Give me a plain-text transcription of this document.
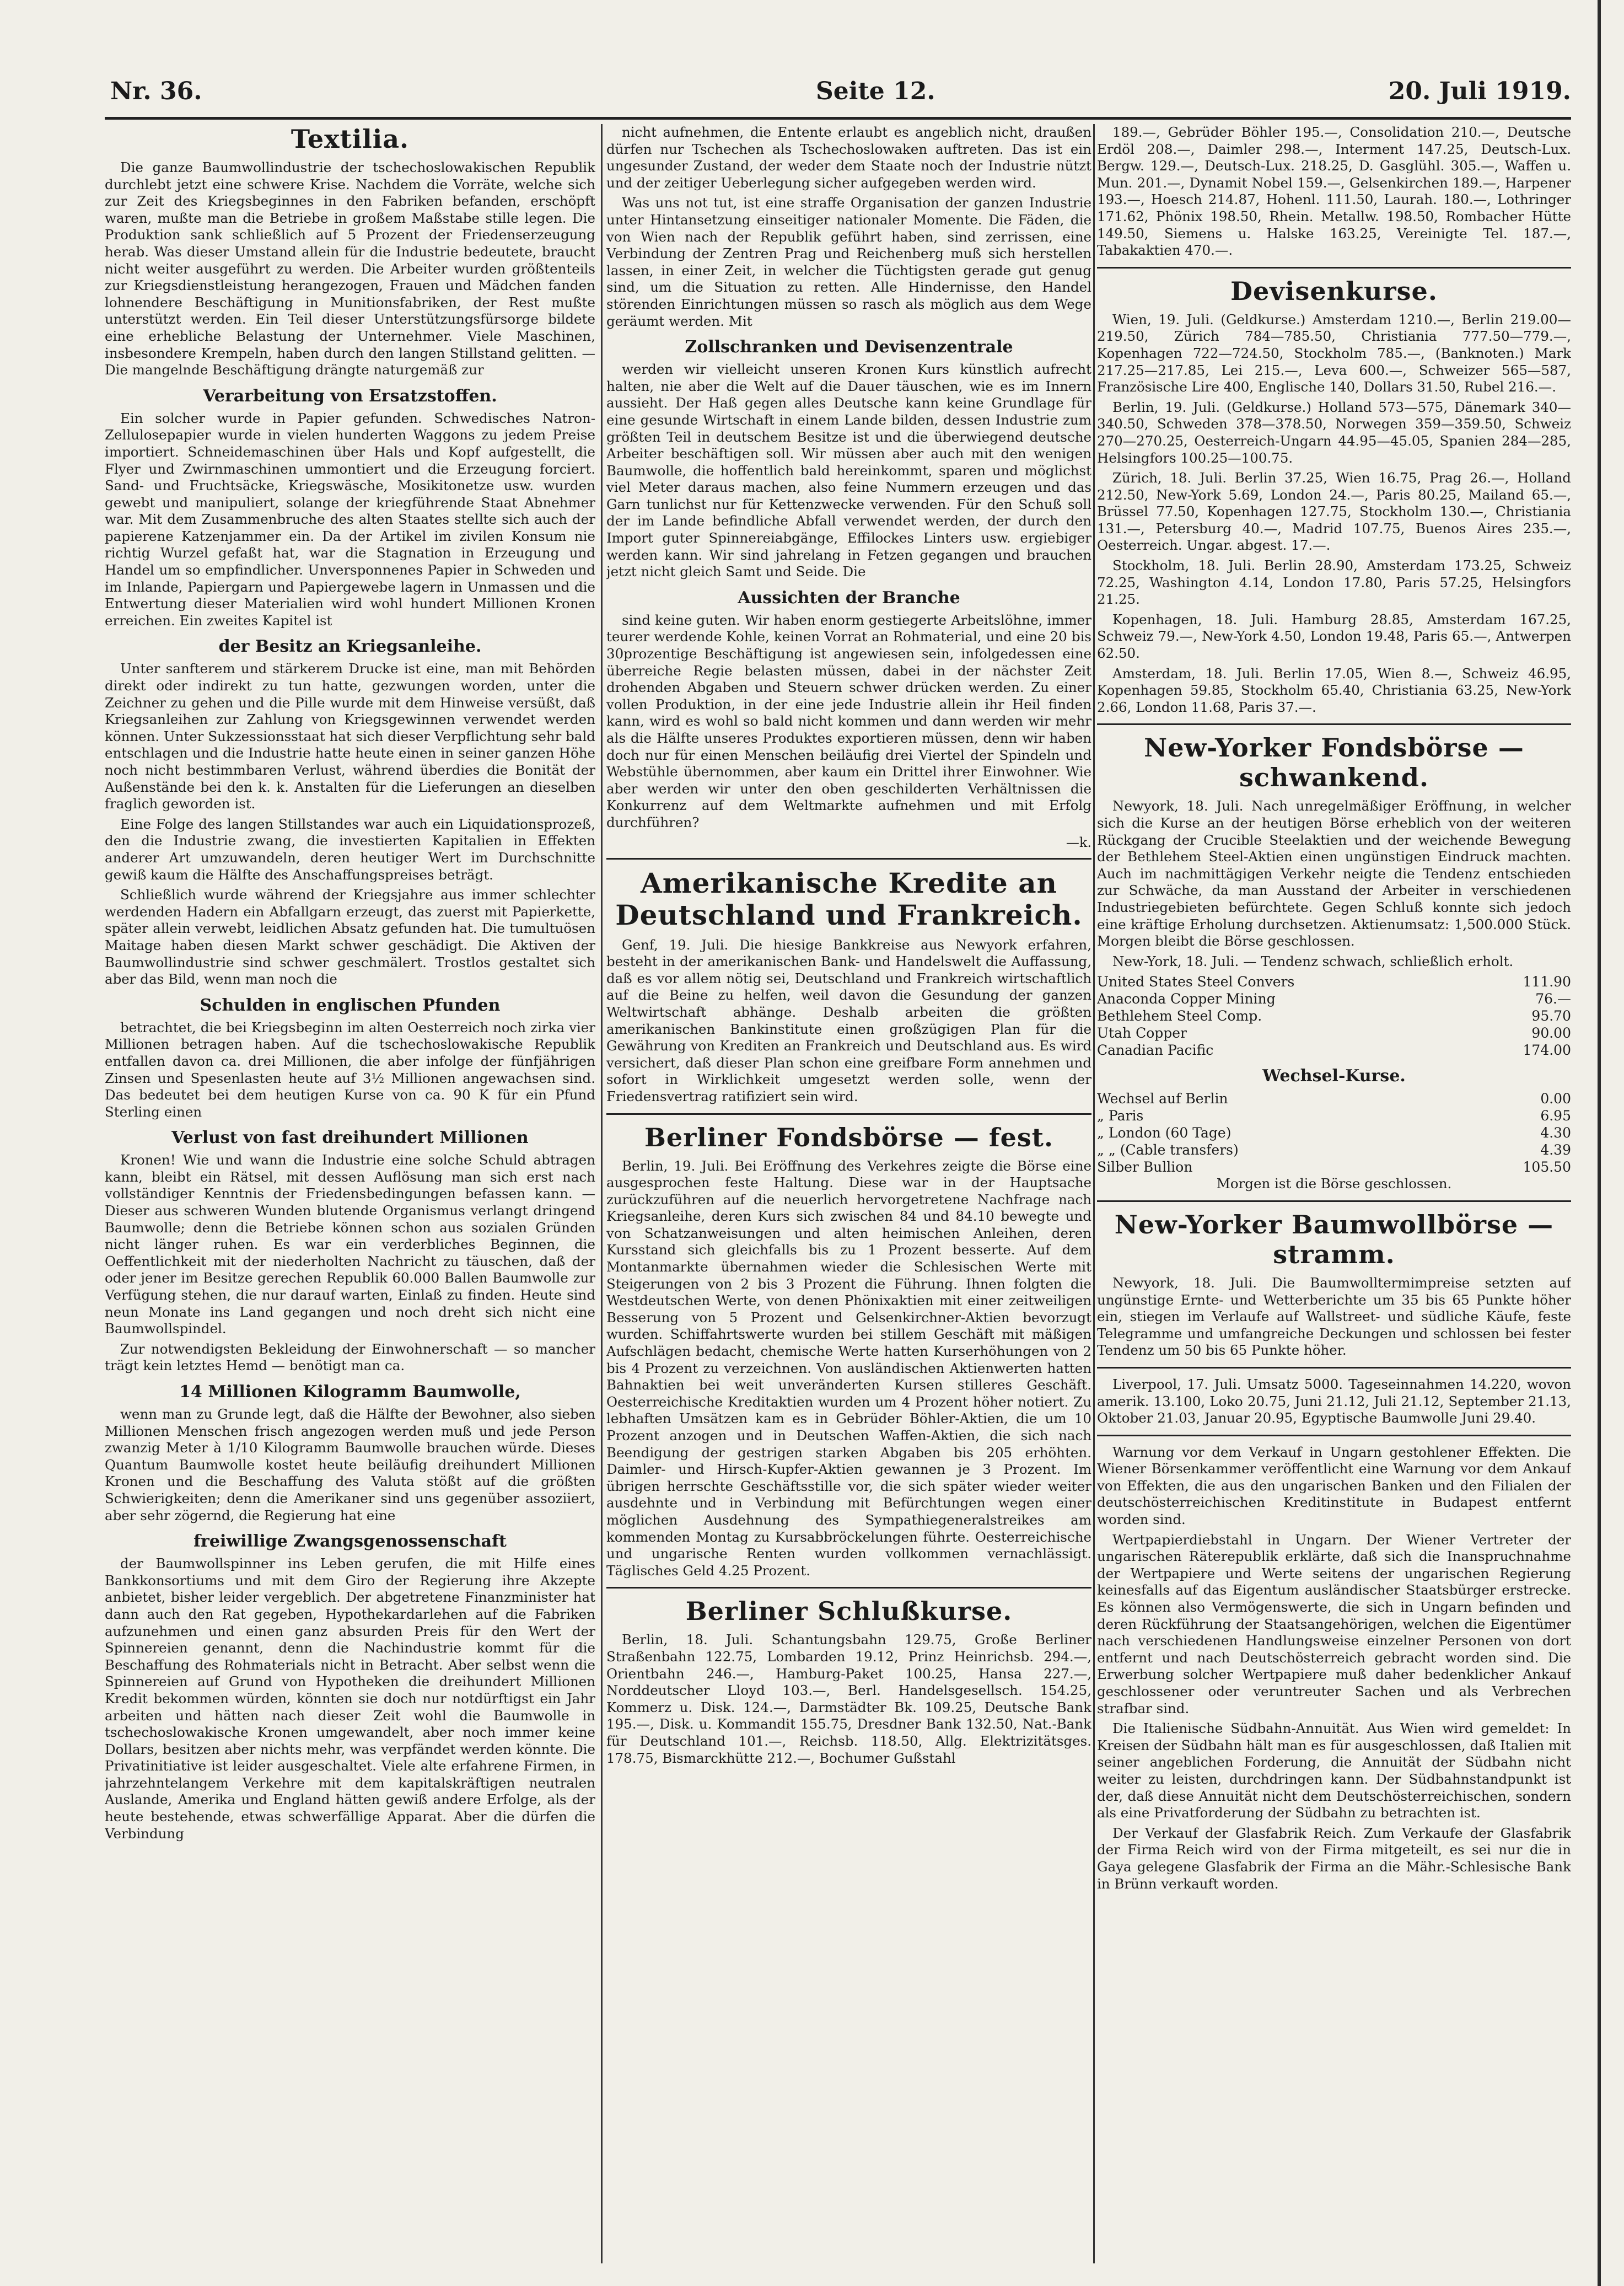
Nr. 36.	Seite 12.	20. Juli 1919.
Textilia.

Die ganze Baumwollindustrie der tschechoslowakischen Republik durchlebt jetzt eine schwere Krise. Nachdem die Vorräte, welche sich zur Zeit des Kriegsbeginnes in den Fabriken befanden, erschöpft waren, mußte man die Betriebe in großem Maßstabe stille legen. Die Produktion sank schließlich auf 5 Prozent der Friedenserzeugung herab. Was dieser Umstand allein für die Industrie bedeutete, braucht nicht weiter ausgeführt zu werden. Die Arbeiter wurden größtenteils zur Kriegsdienstleistung herangezogen, Frauen und Mädchen fanden lohnendere Beschäftigung in Munitionsfabriken, der Rest mußte unterstützt werden. Ein Teil dieser Unterstützungsfürsorge bildete eine erhebliche Belastung der Unternehmer. Viele Maschinen, insbesondere Krempeln, haben durch den langen Stillstand gelitten. — Die mangelnde Beschäftigung drängte naturgemäß zur

Verarbeitung von Ersatzstoffen.

Ein solcher wurde in Papier gefunden. Schwedisches Natron-Zellulosepapier wurde in vielen hunderten Waggons zu jedem Preise importiert. Schneidemaschinen über Hals und Kopf aufgestellt, die Flyer und Zwirnmaschinen ummontiert und die Erzeugung forciert. Sand- und Fruchtsäcke, Kriegswäsche, Mosikitonetze usw. wurden gewebt und manipuliert, solange der kriegführende Staat Abnehmer war. Mit dem Zusammenbruche des alten Staates stellte sich auch der papierene Katzenjammer ein. Da der Artikel im zivilen Konsum nie richtig Wurzel gefaßt hat, war die Stagnation in Erzeugung und Handel um so empfindlicher. Unversponnenes Papier in Schweden und im Inlande, Papiergarn und Papiergewebe lagern in Unmassen und die Entwertung dieser Materialien wird wohl hundert Millionen Kronen erreichen. Ein zweites Kapitel ist

der Besitz an Kriegsanleihe.

Unter sanfterem und stärkerem Drucke ist eine, man mit Behörden direkt oder indirekt zu tun hatte, gezwungen worden, unter die Zeichner zu gehen und die Pille wurde mit dem Hinweise versüßt, daß Kriegsanleihen zur Zahlung von Kriegsgewinnen verwendet werden können. Unter Sukzessionsstaat hat sich dieser Verpflichtung sehr bald entschlagen und die Industrie hatte heute einen in seiner ganzen Höhe noch nicht bestimmbaren Verlust, während überdies die Bonität der Außenstände bei den k. k. Anstalten für die Lieferungen an dieselben fraglich geworden ist.

Eine Folge des langen Stillstandes war auch ein Liquidationsprozeß, den die Industrie zwang, die investierten Kapitalien in Effekten anderer Art umzuwandeln, deren heutiger Wert im Durchschnitte gewiß kaum die Hälfte des Anschaffungspreises beträgt.

Schließlich wurde während der Kriegsjahre aus immer schlechter werdenden Hadern ein Abfallgarn erzeugt, das zuerst mit Papierkette, später allein verwebt, leidlichen Absatz gefunden hat. Die tumultuösen Maitage haben diesen Markt schwer geschädigt. Die Aktiven der Baumwollindustrie sind schwer geschmälert. Trostlos gestaltet sich aber das Bild, wenn man noch die

Schulden in englischen Pfunden

betrachtet, die bei Kriegsbeginn im alten Oesterreich noch zirka vier Millionen betragen haben. Auf die tschechoslowakische Republik entfallen davon ca. drei Millionen, die aber infolge der fünfjährigen Zinsen und Spesenlasten heute auf 3½ Millionen angewachsen sind. Das bedeutet bei dem heutigen Kurse von ca. 90 K für ein Pfund Sterling einen

Verlust von fast dreihundert Millionen

Kronen! Wie und wann die Industrie eine solche Schuld abtragen kann, bleibt ein Rätsel, mit dessen Auflösung man sich erst nach vollständiger Kenntnis der Friedensbedingungen befassen kann. — Dieser aus schweren Wunden blutende Organismus verlangt dringend Baumwolle; denn die Betriebe können schon aus sozialen Gründen nicht länger ruhen. Es war ein verderbliches Beginnen, die Oeffentlichkeit mit der niederholten Nachricht zu täuschen, daß der oder jener im Besitze gerechen Republik 60.000 Ballen Baumwolle zur Verfügung stehen, die nur darauf warten, Einlaß zu finden. Heute sind neun Monate ins Land gegangen und noch dreht sich nicht eine Baumwollspindel.

Zur notwendigsten Bekleidung der Einwohnerschaft — so mancher trägt kein letztes Hemd — benötigt man ca.

14 Millionen Kilogramm Baumwolle,

wenn man zu Grunde legt, daß die Hälfte der Bewohner, also sieben Millionen Menschen frisch angezogen werden muß und jede Person zwanzig Meter à 1/10 Kilogramm Baumwolle brauchen würde. Dieses Quantum Baumwolle kostet heute beiläufig dreihundert Millionen Kronen und die Beschaffung des Valuta stößt auf die größten Schwierigkeiten; denn die Amerikaner sind uns gegenüber assoziiert, aber sehr zögernd, die Regierung hat eine

freiwillige Zwangsgenossenschaft

der Baumwollspinner ins Leben gerufen, die mit Hilfe eines Bankkonsortiums und mit dem Giro der Regierung ihre Akzepte anbietet, bisher leider vergeblich. Der abgetretene Finanzminister hat dann auch den Rat gegeben, Hypothekardarlehen auf die Fabriken aufzunehmen und einen ganz absurden Preis für den Wert der Spinnereien genannt, denn die Nachindustrie kommt für die Beschaffung des Rohmaterials nicht in Betracht. Aber selbst wenn die Spinnereien auf Grund von Hypotheken die dreihundert Millionen Kredit bekommen würden, könnten sie doch nur notdürftigst ein Jahr arbeiten und hätten nach dieser Zeit wohl die Baumwolle in tschechoslowakische Kronen umgewandelt, aber noch immer keine Dollars, besitzen aber nichts mehr, was verpfändet werden könnte. Die Privatinitiative ist leider ausgeschaltet. Viele alte erfahrene Firmen, in jahrzehntelangem Verkehre mit dem kapitalskräftigen neutralen Auslande, Amerika und England hätten gewiß andere Erfolge, als der heute bestehende, etwas schwerfällige Apparat. Aber die dürfen die Verbindung

nicht aufnehmen, die Entente erlaubt es angeblich nicht, draußen dürfen nur Tschechen als Tschechoslowaken auftreten. Das ist ein ungesunder Zustand, der weder dem Staate noch der Industrie nützt und der zeitiger Ueberlegung sicher aufgegeben werden wird.

Was uns not tut, ist eine straffe Organisation der ganzen Industrie unter Hintansetzung einseitiger nationaler Momente. Die Fäden, die von Wien nach der Republik geführt haben, sind zerrissen, eine Verbindung der Zentren Prag und Reichenberg muß sich herstellen lassen, in einer Zeit, in welcher die Tüchtigsten gerade gut genug sind, um die Situation zu retten. Alle Hindernisse, den Handel störenden Einrichtungen müssen so rasch als möglich aus dem Wege geräumt werden. Mit

Zollschranken und Devisenzentrale

werden wir vielleicht unseren Kronen Kurs künstlich aufrecht halten, nie aber die Welt auf die Dauer täuschen, wie es im Innern aussieht. Der Haß gegen alles Deutsche kann keine Grundlage für eine gesunde Wirtschaft in einem Lande bilden, dessen Industrie zum größten Teil in deutschem Besitze ist und die überwiegend deutsche Arbeiter beschäftigen soll. Wir müssen aber auch mit den wenigen Baumwolle, die hoffentlich bald hereinkommt, sparen und möglichst viel Meter daraus machen, also feine Nummern erzeugen und das Garn tunlichst nur für Kettenzwecke verwenden. Für den Schuß soll der im Lande befindliche Abfall verwendet werden, der durch den Import guter Spinnereiabgänge, Effilockes Linters usw. ergiebiger werden kann. Wir sind jahrelang in Fetzen gegangen und brauchen jetzt nicht gleich Samt und Seide. Die

Aussichten der Branche

sind keine guten. Wir haben enorm gestiegerte Arbeitslöhne, immer teurer werdende Kohle, keinen Vorrat an Rohmaterial, und eine 20 bis 30prozentige Beschäftigung ist angewiesen sein, infolgedessen eine überreiche Regie belasten müssen, dabei in der nächster Zeit drohenden Abgaben und Steuern schwer drücken werden. Zu einer vollen Produktion, in der eine jede Industrie allein ihr Heil finden kann, wird es wohl so bald nicht kommen und dann werden wir mehr als die Hälfte unseres Produktes exportieren müssen, denn wir haben doch nur für einen Menschen beiläufig drei Viertel der Spindeln und Webstühle übernommen, aber kaum ein Drittel ihrer Einwohner. Wie aber werden wir unter den oben geschilderten Verhältnissen die Konkurrenz auf dem Weltmarkte aufnehmen und mit Erfolg durchführen?

—k.
Amerikanische Kredite an Deutschland und Frankreich.

Genf, 19. Juli. Die hiesige Bankkreise aus Newyork erfahren, besteht in der amerikanischen Bank- und Handelswelt die Auffassung, daß es vor allem nötig sei, Deutschland und Frankreich wirtschaftlich auf die Beine zu helfen, weil davon die Gesundung der ganzen Weltwirtschaft abhänge. Deshalb arbeiten die größten amerikanischen Bankinstitute einen großzügigen Plan für die Gewährung von Krediten an Frankreich und Deutschland aus. Es wird versichert, daß dieser Plan schon eine greifbare Form annehmen und sofort in Wirklichkeit umgesetzt werden solle, wenn der Friedensvertrag ratifiziert sein wird.

Berliner Fondsbörse — fest.

Berlin, 19. Juli. Bei Eröffnung des Verkehres zeigte die Börse eine ausgesprochen feste Haltung. Diese war in der Hauptsache zurückzuführen auf die neuerlich hervorgetretene Nachfrage nach Kriegsanleihe, deren Kurs sich zwischen 84 und 84.10 bewegte und von Schatzanweisungen und alten heimischen Anleihen, deren Kursstand sich gleichfalls bis zu 1 Prozent besserte. Auf dem Montanmarkte übernahmen wieder die Schlesischen Werte mit Steigerungen von 2 bis 3 Prozent die Führung. Ihnen folgten die Westdeutschen Werte, von denen Phönixaktien mit einer zeitweiligen Besserung von 5 Prozent und Gelsenkirchner-Aktien bevorzugt wurden. Schiffahrtswerte wurden bei stillem Geschäft mit mäßigen Aufschlägen bedacht, chemische Werte hatten Kurserhöhungen von 2 bis 4 Prozent zu verzeichnen. Von ausländischen Aktienwerten hatten Bahnaktien bei weit unveränderten Kursen stilleres Geschäft. Oesterreichische Kreditaktien wurden um 4 Prozent höher notiert. Zu lebhaften Umsätzen kam es in Gebrüder Böhler-Aktien, die um 10 Prozent anzogen und in Deutschen Waffen-Aktien, die sich nach Beendigung der gestrigen starken Abgaben bis 205 erhöhten. Daimler- und Hirsch-Kupfer-Aktien gewannen je 3 Prozent. Im übrigen herrschte Geschäftsstille vor, die sich später wieder weiter ausdehnte und in Verbindung mit Befürchtungen wegen einer möglichen Ausdehnung des Sympathiegeneralstreikes am kommenden Montag zu Kursabbröckelungen führte. Oesterreichische und ungarische Renten wurden vollkommen vernachlässigt. Täglisches Geld 4.25 Prozent.

Berliner Schlußkurse.

Berlin, 18. Juli. Schantungsbahn 129.75, Große Berliner Straßenbahn 122.75, Lombarden 19.12, Prinz Heinrichsb. 294.—, Orientbahn 246.—, Hamburg-Paket 100.25, Hansa 227.—, Norddeutscher Lloyd 103.—, Berl. Handelsgesellsch. 154.25, Kommerz u. Disk. 124.—, Darmstädter Bk. 109.25, Deutsche Bank 195.—, Disk. u. Kommandit 155.75, Dresdner Bank 132.50, Nat.-Bank für Deutschland 101.—, Reichsb. 118.50, Allg. Elektrizitätsges. 178.75, Bismarckhütte 212.—, Bochumer Gußstahl

189.—, Gebrüder Böhler 195.—, Consolidation 210.—, Deutsche Erdöl 208.—, Daimler 298.—, Interment 147.25, Deutsch-Lux. Bergw. 129.—, Deutsch-Lux. 218.25, D. Gasglühl. 305.—, Waffen u. Mun. 201.—, Dynamit Nobel 159.—, Gelsenkirchen 189.—, Harpener 193.—, Hoesch 214.87, Hohenl. 111.50, Laurah. 180.—, Lothringer 171.62, Phönix 198.50, Rhein. Metallw. 198.50, Rombacher Hütte 149.50, Siemens u. Halske 163.25, Vereinigte Tel. 187.—, Tabakaktien 470.—.

Devisenkurse.

Wien, 19. Juli. (Geldkurse.) Amsterdam 1210.—, Berlin 219.00—219.50, Zürich 784—785.50, Christiania 777.50—779.—, Kopenhagen 722—724.50, Stockholm 785.—, (Banknoten.) Mark 217.25—217.85, Lei 215.—, Leva 600.—, Schweizer 565—587, Französische Lire 400, Englische 140, Dollars 31.50, Rubel 216.—.

Berlin, 19. Juli. (Geldkurse.) Holland 573—575, Dänemark 340—340.50, Schweden 378—378.50, Norwegen 359—359.50, Schweiz 270—270.25, Oesterreich-Ungarn 44.95—45.05, Spanien 284—285, Helsingfors 100.25—100.75.

Zürich, 18. Juli. Berlin 37.25, Wien 16.75, Prag 26.—, Holland 212.50, New-York 5.69, London 24.—, Paris 80.25, Mailand 65.—, Brüssel 77.50, Kopenhagen 127.75, Stockholm 130.—, Christiania 131.—, Petersburg 40.—, Madrid 107.75, Buenos Aires 235.—, Oesterreich. Ungar. abgest. 17.—.

Stockholm, 18. Juli. Berlin 28.90, Amsterdam 173.25, Schweiz 72.25, Washington 4.14, London 17.80, Paris 57.25, Helsingfors 21.25.

Kopenhagen, 18. Juli. Hamburg 28.85, Amsterdam 167.25, Schweiz 79.—, New-York 4.50, London 19.48, Paris 65.—, Antwerpen 62.50.

Amsterdam, 18. Juli. Berlin 17.05, Wien 8.—, Schweiz 46.95, Kopenhagen 59.85, Stockholm 65.40, Christiania 63.25, New-York 2.66, London 11.68, Paris 37.—.

New-Yorker Fondsbörse — schwankend.

Newyork, 18. Juli. Nach unregelmäßiger Eröffnung, in welcher sich die Kurse an der heutigen Börse erheblich von der weiteren Rückgang der Crucible Steelaktien und der weichende Bewegung der Bethlehem Steel-Aktien einen ungünstigen Eindruck machten. Auch im nachmittägigen Verkehr neigte die Tendenz entschieden zur Schwäche, da man Ausstand der Arbeiter in verschiedenen Industriegebieten befürchtete. Gegen Schluß konnte sich jedoch eine kräftige Erholung durchsetzen. Aktienumsatz: 1,500.000 Stück. Morgen bleibt die Börse geschlossen.

New-York, 18. Juli. — Tendenz schwach, schließlich erholt.

United States Steel Convers	111.90
Anaconda Copper Mining	76.—
Bethlehem Steel Comp.	95.70
Utah Copper	90.00
Canadian Pacific	174.00
Wechsel-Kurse.
Wechsel auf Berlin	0.00
„ Paris	6.95
„ London (60 Tage)	4.30
„ „ (Cable transfers)	4.39
Silber Bullion	105.50

Morgen ist die Börse geschlossen.

New-Yorker Baumwollbörse — stramm.

Newyork, 18. Juli. Die Baumwolltermimpreise setzten auf ungünstige Ernte- und Wetterberichte um 35 bis 65 Punkte höher ein, stiegen im Verlaufe auf Wallstreet- und südliche Käufe, feste Telegramme und umfangreiche Deckungen und schlossen bei fester Tendenz um 50 bis 65 Punkte höher.

Liverpool, 17. Juli. Umsatz 5000. Tageseinnahmen 14.220, wovon amerik. 13.100, Loko 20.75, Juni 21.12, Juli 21.12, September 21.13, Oktober 21.03, Januar 20.95, Egyptische Baumwolle Juni 29.40.

Warnung vor dem Verkauf in Ungarn gestohlener Effekten. Die Wiener Börsenkammer veröffentlicht eine Warnung vor dem Ankauf von Effekten, die aus den ungarischen Banken und den Filialen der deutschösterreichischen Kreditinstitute in Budapest entfernt worden sind.

Wertpapierdiebstahl in Ungarn. Der Wiener Vertreter der ungarischen Räterepublik erklärte, daß sich die Inanspruchnahme der Wertpapiere und Werte seitens der ungarischen Regierung keinesfalls auf das Eigentum ausländischer Staatsbürger erstrecke. Es können also Vermögenswerte, die sich in Ungarn befinden und deren Rückführung der Staatsangehörigen, welchen die Eigentümer nach verschiedenen Handlungsweise einzelner Personen von dort entfernt und nach Deutschösterreich gebracht worden sind. Die Erwerbung solcher Wertpapiere muß daher bedenklicher Ankauf geschlossener oder veruntreuter Sachen und als Verbrechen strafbar sind.

Die Italienische Südbahn-Annuität. Aus Wien wird gemeldet: In Kreisen der Südbahn hält man es für ausgeschlossen, daß Italien mit seiner angeblichen Forderung, die Annuität der Südbahn nicht weiter zu leisten, durchdringen kann. Der Südbahnstandpunkt ist der, daß diese Annuität nicht dem Deutschösterreichischen, sondern als eine Privatforderung der Südbahn zu betrachten ist.

Der Verkauf der Glasfabrik Reich. Zum Verkaufe der Glasfabrik der Firma Reich wird von der Firma mitgeteilt, es sei nur die in Gaya gelegene Glasfabrik der Firma an die Mähr.-Schlesische Bank in Brünn verkauft worden.
